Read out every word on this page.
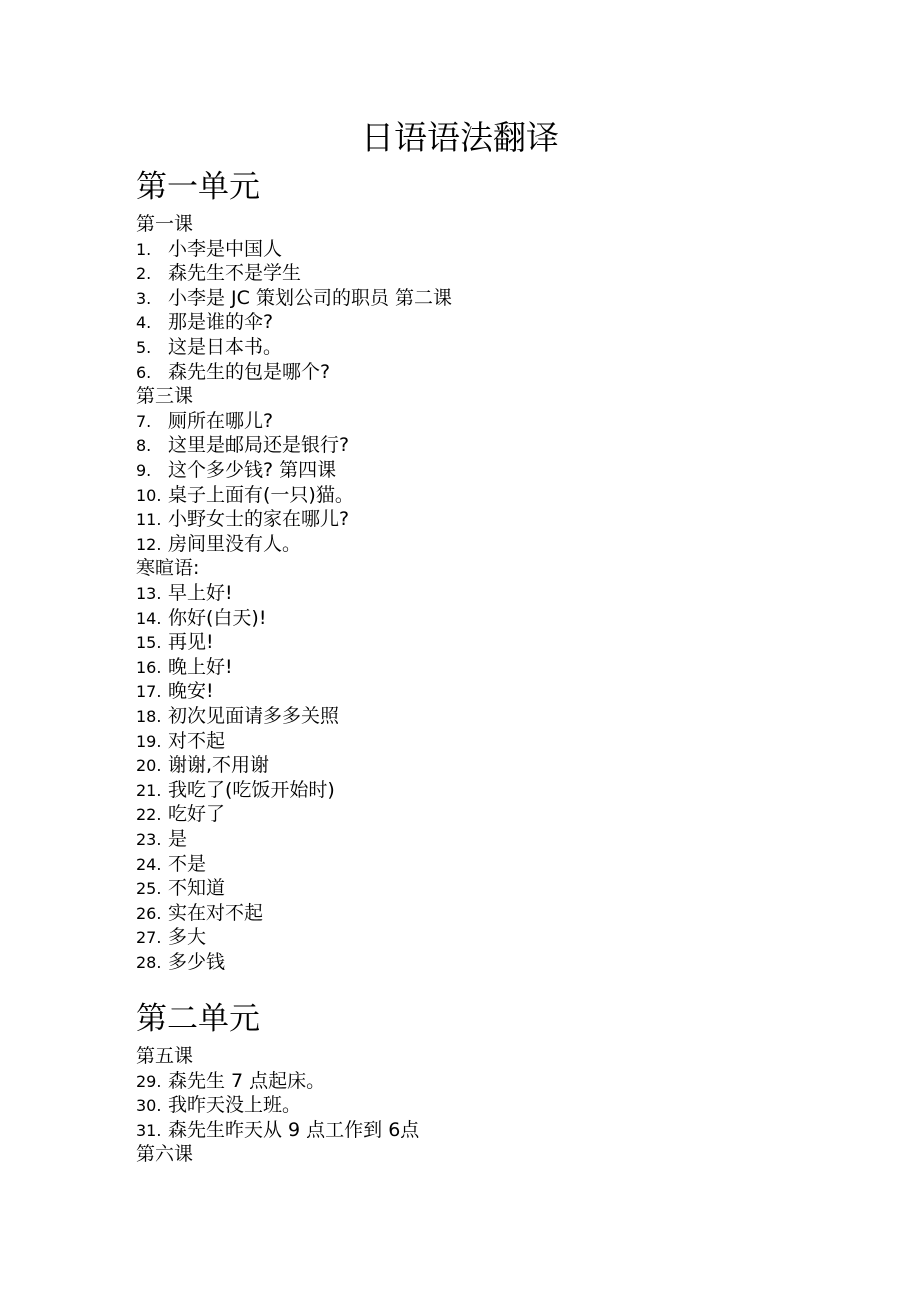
日语语法翻译
第一单元
第一课
1. 小李是中国人
2. 森先生不是学生
3. 小李是 JC 策划公司的职员 第二课
4. 那是谁的伞?
5. 这是日本书。
6. 森先生的包是哪个?
第三课
7. 厕所在哪儿?
8. 这里是邮局还是银行?
9. 这个多少钱? 第四课
10. 桌子上面有(一只)猫。
11. 小野女士的家在哪儿?
12. 房间里没有人。
寒暄语:
13. 早上好!
14. 你好(白天)!
15. 再见!
16. 晚上好!
17. 晚安!
18. 初次见面请多多关照
19. 对不起
20. 谢谢,不用谢
21. 我吃了(吃饭开始时)
22. 吃好了
23. 是
24. 不是
25. 不知道
26. 实在对不起
27. 多大
28. 多少钱
第二单元
第五课
29. 森先生 7 点起床。
30. 我昨天没上班。
31. 森先生昨天从 9 点工作到 6点
第六课
